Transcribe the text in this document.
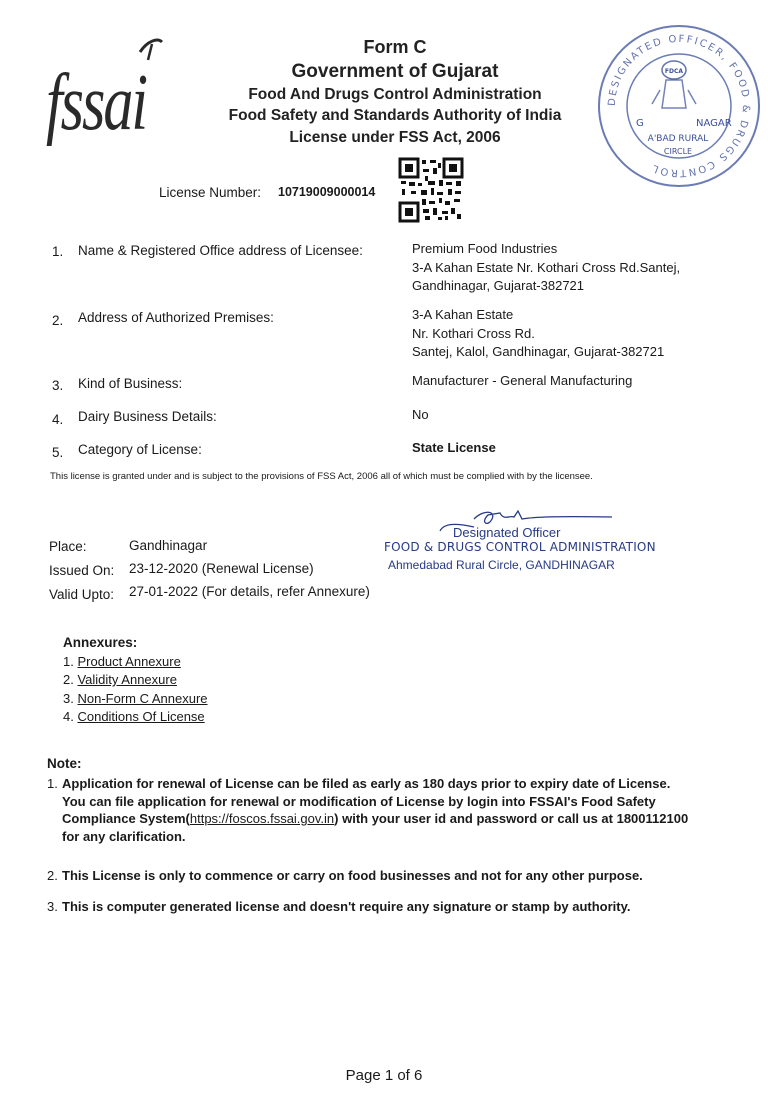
fssai
Form C
Government of Gujarat
Food And Drugs Control Administration
Food Safety and Standards Authority of India
License under FSS Act, 2006
DESIGNATED OFFICER, FOOD & DRUGS CONTROL
FDCA
G	NAGAR
A'BAD RURAL
CIRCLE
License Number: 10719009000014
1. Name & Registered Office address of Licensee:	Premium Food Industries
3-A Kahan Estate Nr. Kothari Cross Rd.Santej,
Gandhinagar, Gujarat-382721
2. Address of Authorized Premises:	3-A Kahan Estate
Nr. Kothari Cross Rd.
Santej, Kalol, Gandhinagar, Gujarat-382721
3. Kind of Business:	Manufacturer - General Manufacturing
4. Dairy Business Details:	No
5. Category of License:	State License
This license is granted under and is subject to the provisions of FSS Act, 2006 all of which must be complied with by the licensee.
Place:	Gandhinagar
Issued On: 23-12-2020 (Renewal License)
Valid Upto: 27-01-2022 (For details, refer Annexure)
Designated Officer
FOOD & DRUGS CONTROL ADMINISTRATION
Ahmedabad Rural Circle, GANDHINAGAR
Annexures:
1. Product Annexure
2. Validity Annexure
3. Non-Form C Annexure
4. Conditions Of License
Note:
1. Application for renewal of License can be filed as early as 180 days prior to expiry date of License.
You can file application for renewal or modification of License by login into FSSAI's Food Safety
Compliance System(https://foscos.fssai.gov.in) with your user id and password or call us at 1800112100
for any clarification.
2. This License is only to commence or carry on food businesses and not for any other purpose.
3. This is computer generated license and doesn't require any signature or stamp by authority.
Page 1 of 6
